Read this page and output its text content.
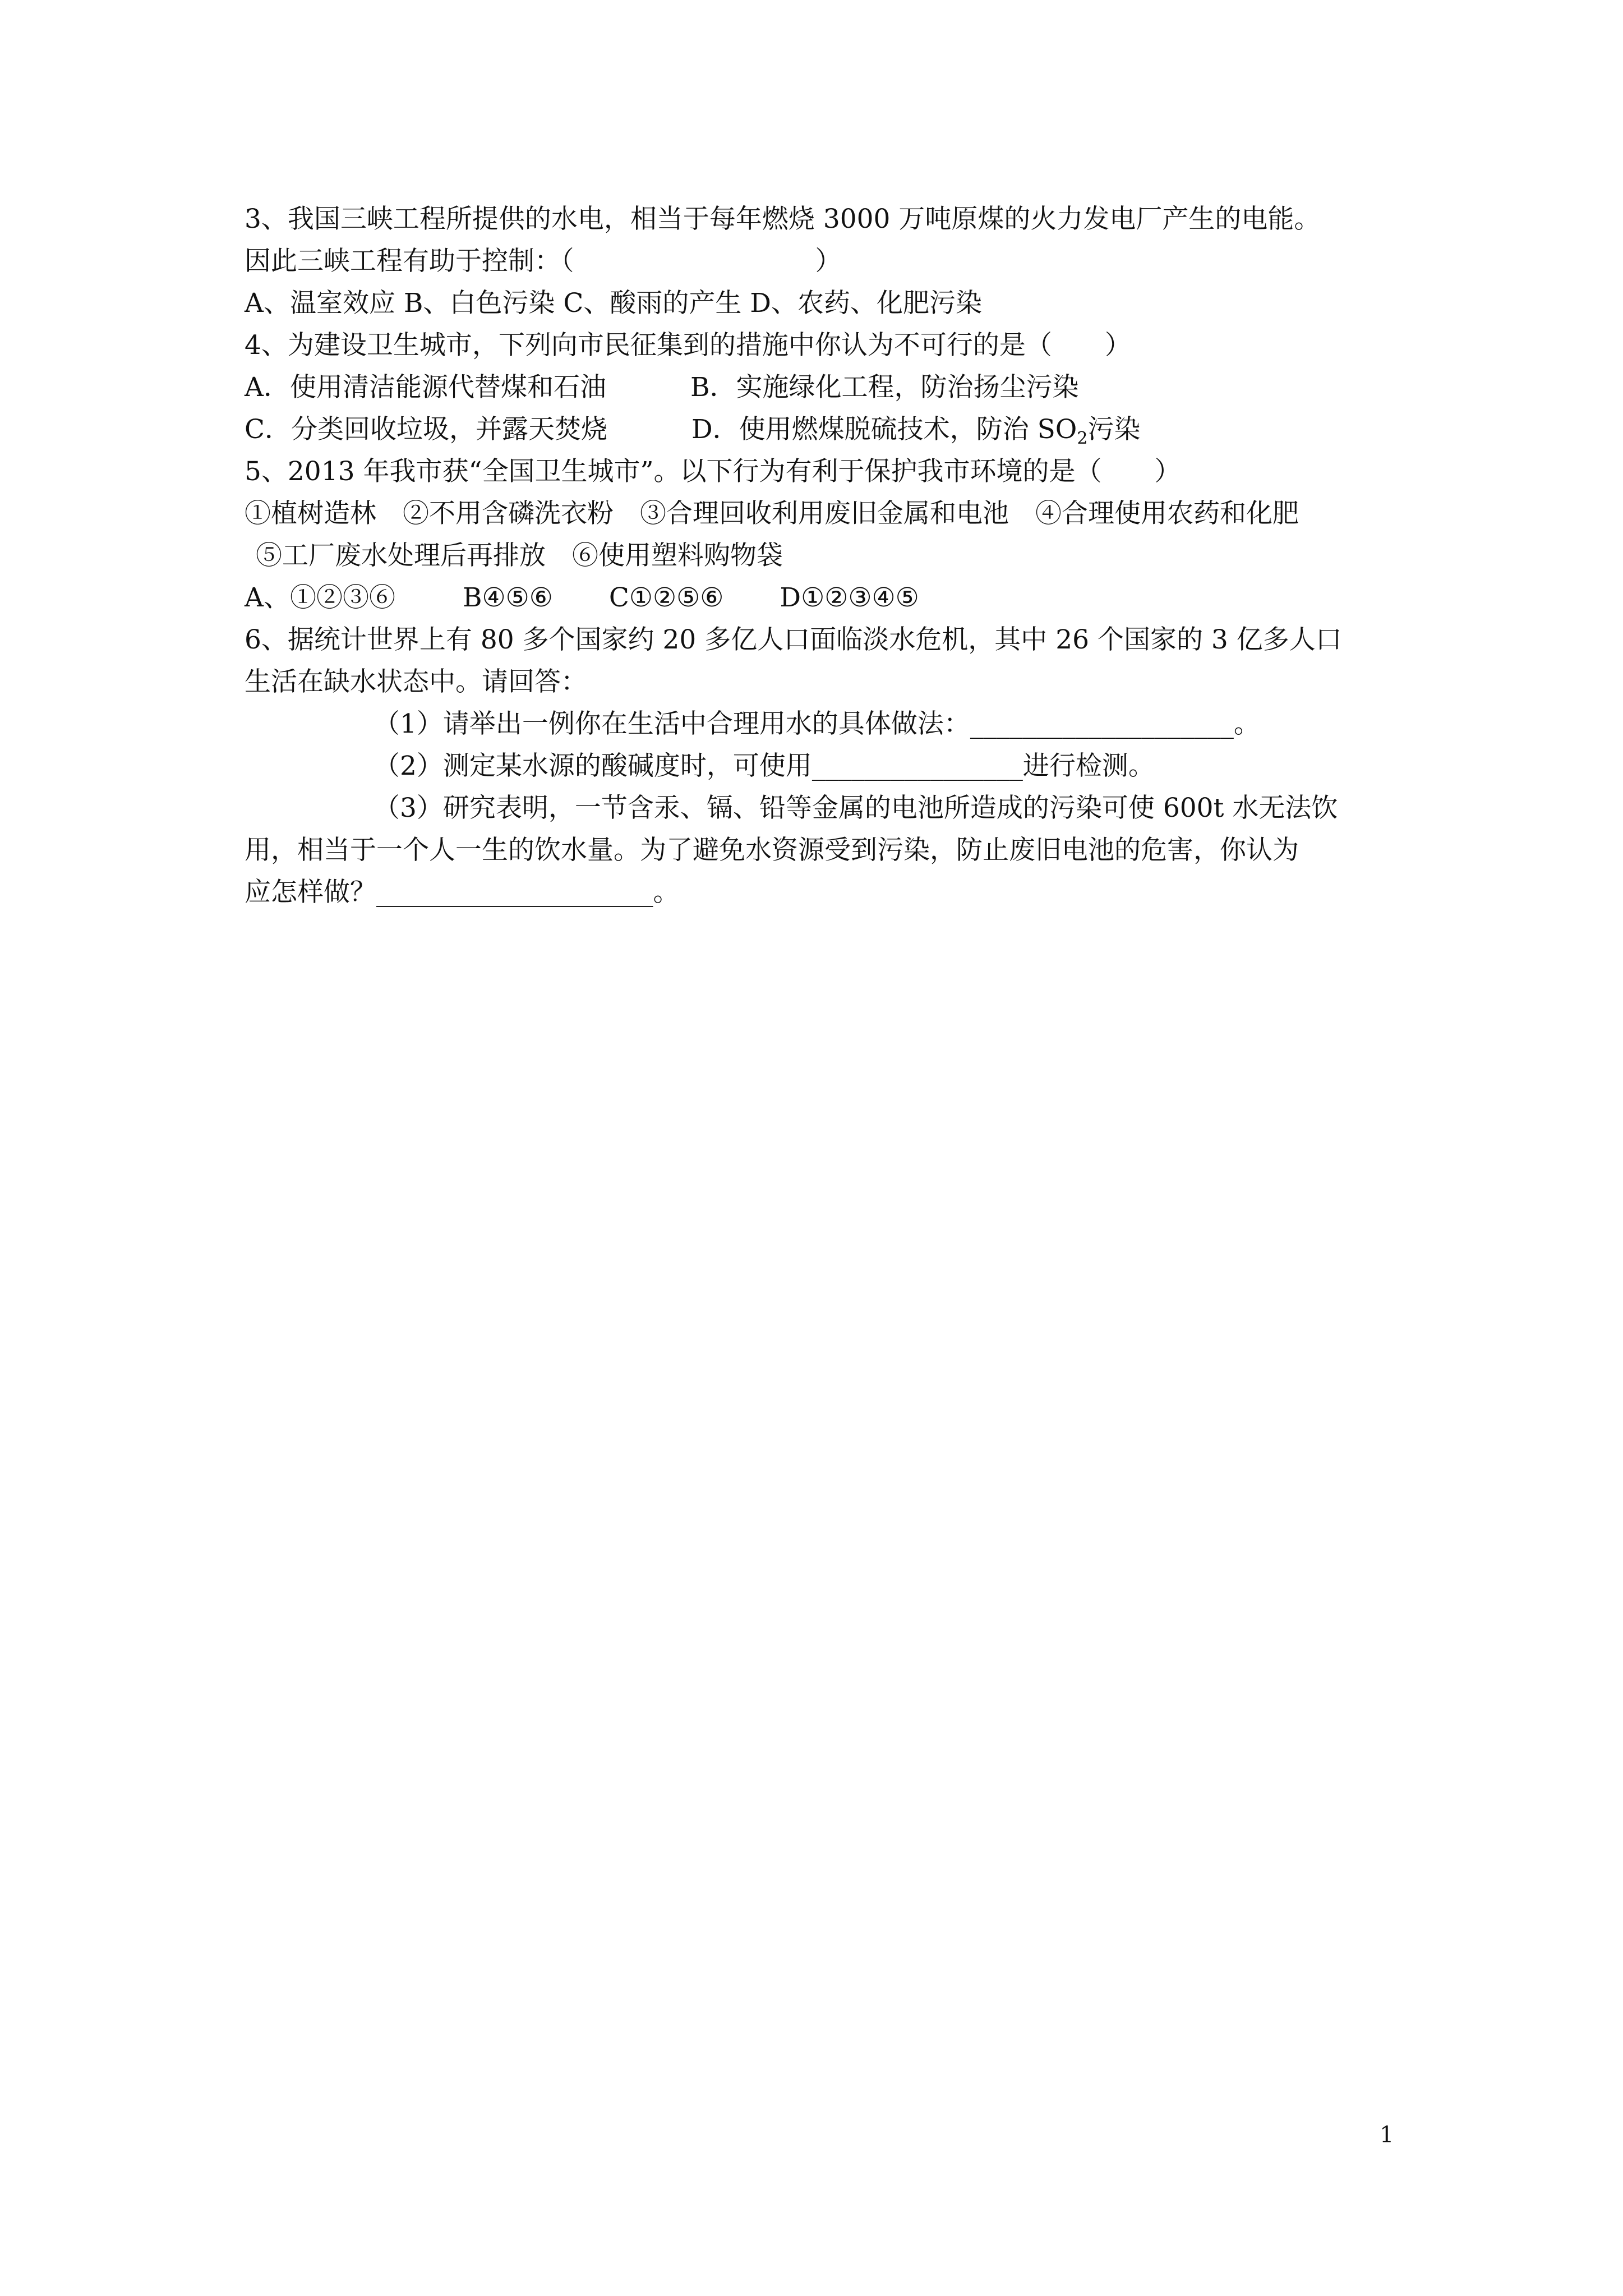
3、我国三峡工程所提供的水电，相当于每年燃烧 3000 万吨原煤的火力发电厂产生的电能。
因此三峡工程有助于控制：（	）
A、温室效应 B、白色污染 C、酸雨的产生 D、农药、化肥污染
4、为建设卫生城市，下列向市民征集到的措施中你认为不可行的是（　　）
A．使用清洁能源代替煤和石油	B．实施绿化工程，防治扬尘污染
C．分类回收垃圾，并露天焚烧	D．使用燃煤脱硫技术，防治 $SO_2$污染
5、2013 年我市获“全国卫生城市”。以下行为有利于保护我市环境的是（　　）
①植树造林　②不用含磷洗衣粉　③合理回收利用废旧金属和电池　④合理使用农药和化肥
⑤工厂废水处理后再排放　⑥使用塑料购物袋
A、①②③⑥	B④⑤⑥ C①②⑤⑥ D①②③④⑤
6、据统计世界上有 80 多个国家约 20 多亿人口面临淡水危机，其中 26 个国家的 3 亿多人口
生活在缺水状态中。请回答：
（1）请举出一例你在生活中合理用水的具体做法：____________________。
（2）测定某水源的酸碱度时，可使用________________进行检测。
（3）研究表明，一节含汞、镉、铅等金属的电池所造成的污染可使 600t 水无法饮
用，相当于一个人一生的饮水量。为了避免水资源受到污染，防止废旧电池的危害，你认为
应怎样做？_____________________。
1
